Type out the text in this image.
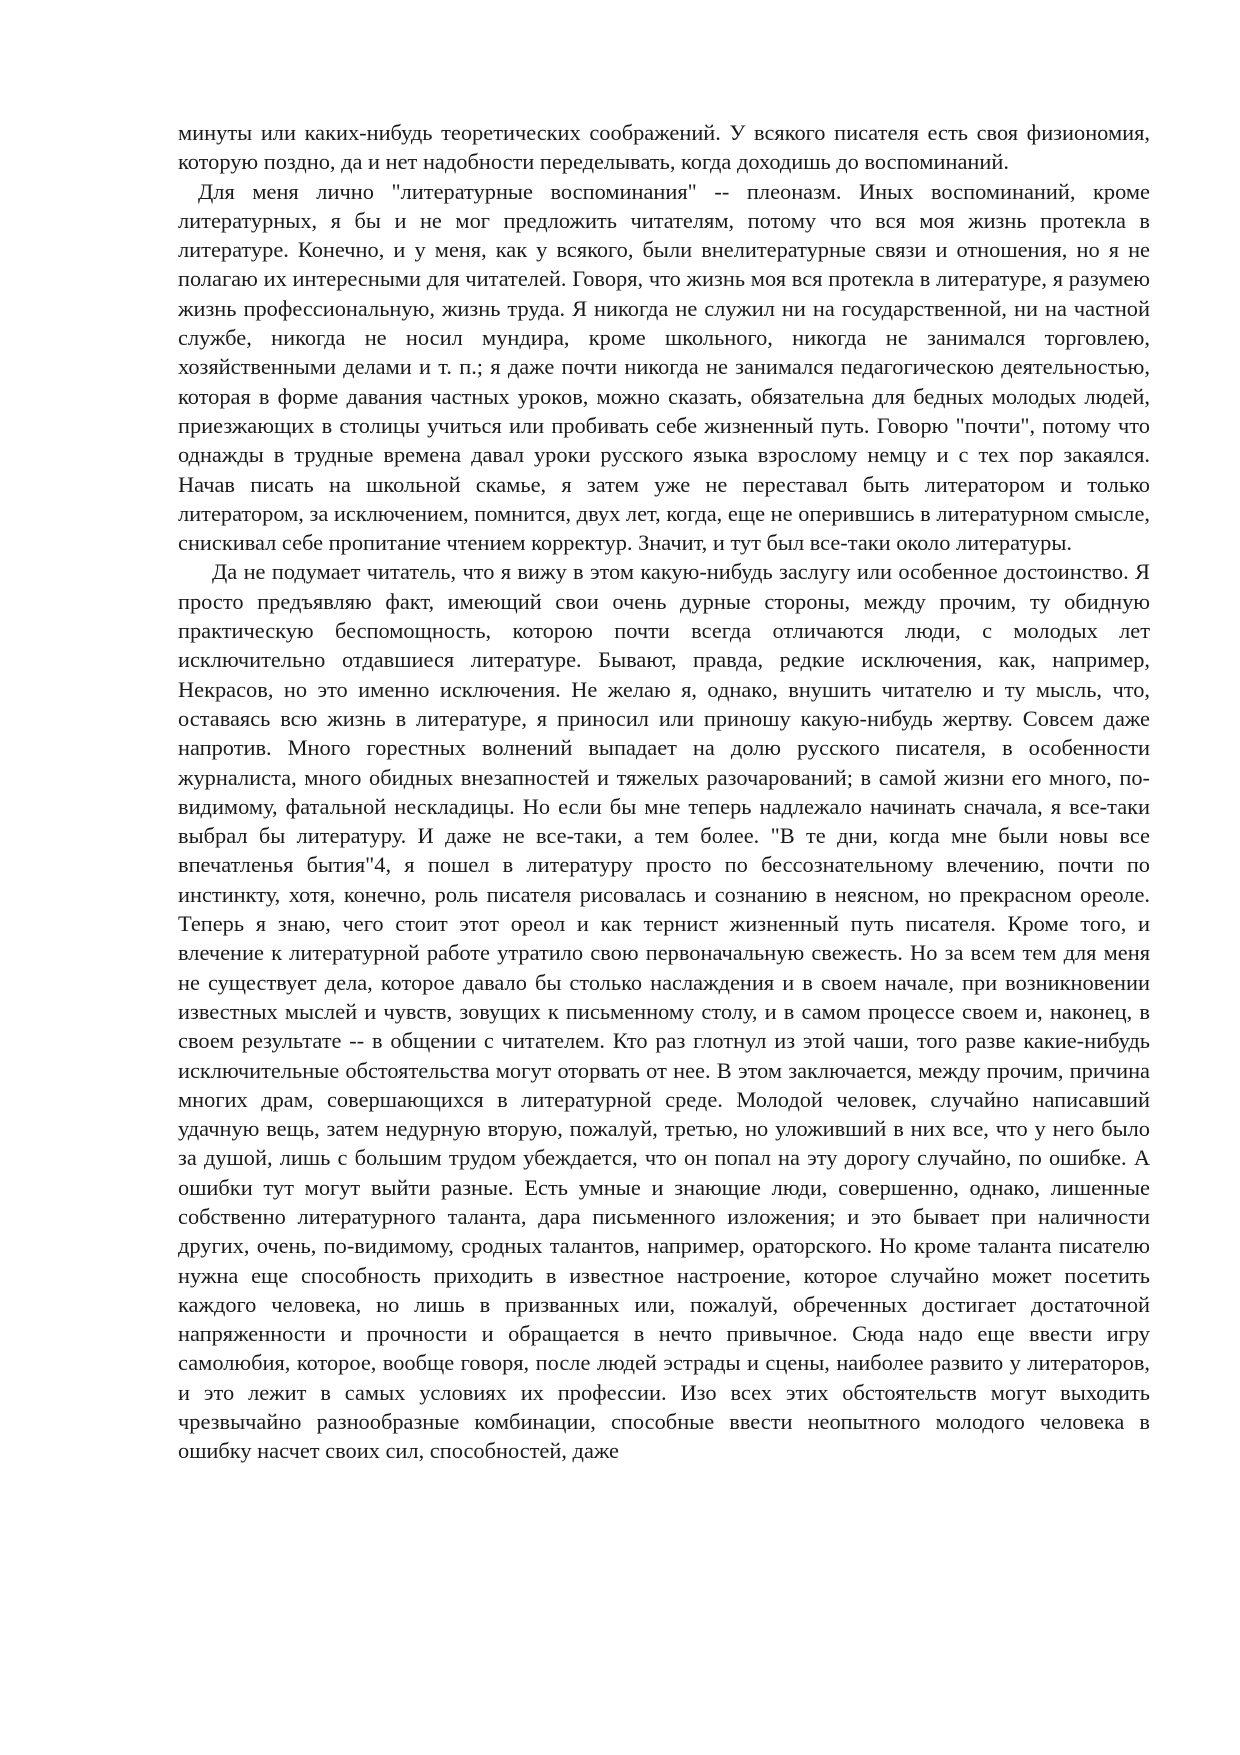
минуты или каких-нибудь теоретических соображений. У всякого писателя есть своя физиономия, которую поздно, да и нет надобности переделывать, когда доходишь до воспоминаний.

Для меня лично "литературные воспоминания" -- плеоназм. Иных воспоминаний, кроме литературных, я бы и не мог предложить читателям, потому что вся моя жизнь протекла в литературе. Конечно, и у меня, как у всякого, были внелитературные связи и отношения, но я не полагаю их интересными для читателей. Говоря, что жизнь моя вся протекла в литературе, я разумею жизнь профессиональную, жизнь труда. Я никогда не служил ни на государственной, ни на частной службе, никогда не носил мундира, кроме школьного, никогда не занимался торговлею, хозяйственными делами и т. п.; я даже почти никогда не занимался педагогическою деятельностью, которая в форме давания частных уроков, можно сказать, обязательна для бедных молодых людей, приезжающих в столицы учиться или пробивать себе жизненный путь. Говорю "почти", потому что однажды в трудные времена давал уроки русского языка взрослому немцу и с тех пор закаялся. Начав писать на школьной скамье, я затем уже не переставал быть литератором и только литератором, за исключением, помнится, двух лет, когда, еще не оперившись в литературном смысле, снискивал себе пропитание чтением корректур. Значит, и тут был все-таки около литературы.

Да не подумает читатель, что я вижу в этом какую-нибудь заслугу или особенное достоинство. Я просто предъявляю факт, имеющий свои очень дурные стороны, между прочим, ту обидную практическую беспомощность, которою почти всегда отличаются люди, с молодых лет исключительно отдавшиеся литературе. Бывают, правда, редкие исключения, как, например, Некрасов, но это именно исключения. Не желаю я, однако, внушить читателю и ту мысль, что, оставаясь всю жизнь в литературе, я приносил или приношу какую-нибудь жертву. Совсем даже напротив. Много горестных волнений выпадает на долю русского писателя, в особенности журналиста, много обидных внезапностей и тяжелых разочарований; в самой жизни его много, по-видимому, фатальной нескладицы. Но если бы мне теперь надлежало начинать сначала, я все-таки выбрал бы литературу. И даже не все-таки, а тем более. "В те дни, когда мне были новы все впечатленья бытия"4, я пошел в литературу просто по бессознательному влечению, почти по инстинкту, хотя, конечно, роль писателя рисовалась и сознанию в неясном, но прекрасном ореоле. Теперь я знаю, чего стоит этот ореол и как тернист жизненный путь писателя. Кроме того, и влечение к литературной работе утратило свою первоначальную свежесть. Но за всем тем для меня не существует дела, которое давало бы столько наслаждения и в своем начале, при возникновении известных мыслей и чувств, зовущих к письменному столу, и в самом процессе своем и, наконец, в своем результате -- в общении с читателем. Кто раз глотнул из этой чаши, того разве какие-нибудь исключительные обстоятельства могут оторвать от нее. В этом заключается, между прочим, причина многих драм, совершающихся в литературной среде. Молодой человек, случайно написавший удачную вещь, затем недурную вторую, пожалуй, третью, но уложивший в них все, что у него было за душой, лишь с большим трудом убеждается, что он попал на эту дорогу случайно, по ошибке. А ошибки тут могут выйти разные. Есть умные и знающие люди, совершенно, однако, лишенные собственно литературного таланта, дара письменного изложения; и это бывает при наличности других, очень, по-видимому, сродных талантов, например, ораторского. Но кроме таланта писателю нужна еще способность приходить в известное настроение, которое случайно может посетить каждого человека, но лишь в призванных или, пожалуй, обреченных достигает достаточной напряженности и прочности и обращается в нечто привычное. Сюда надо еще ввести игру самолюбия, которое, вообще говоря, после людей эстрады и сцены, наиболее развито у литераторов, и это лежит в самых условиях их профессии. Изо всех этих обстоятельств могут выходить чрезвычайно разнообразные комбинации, способные ввести неопытного молодого человека в ошибку насчет своих сил, способностей, даже
